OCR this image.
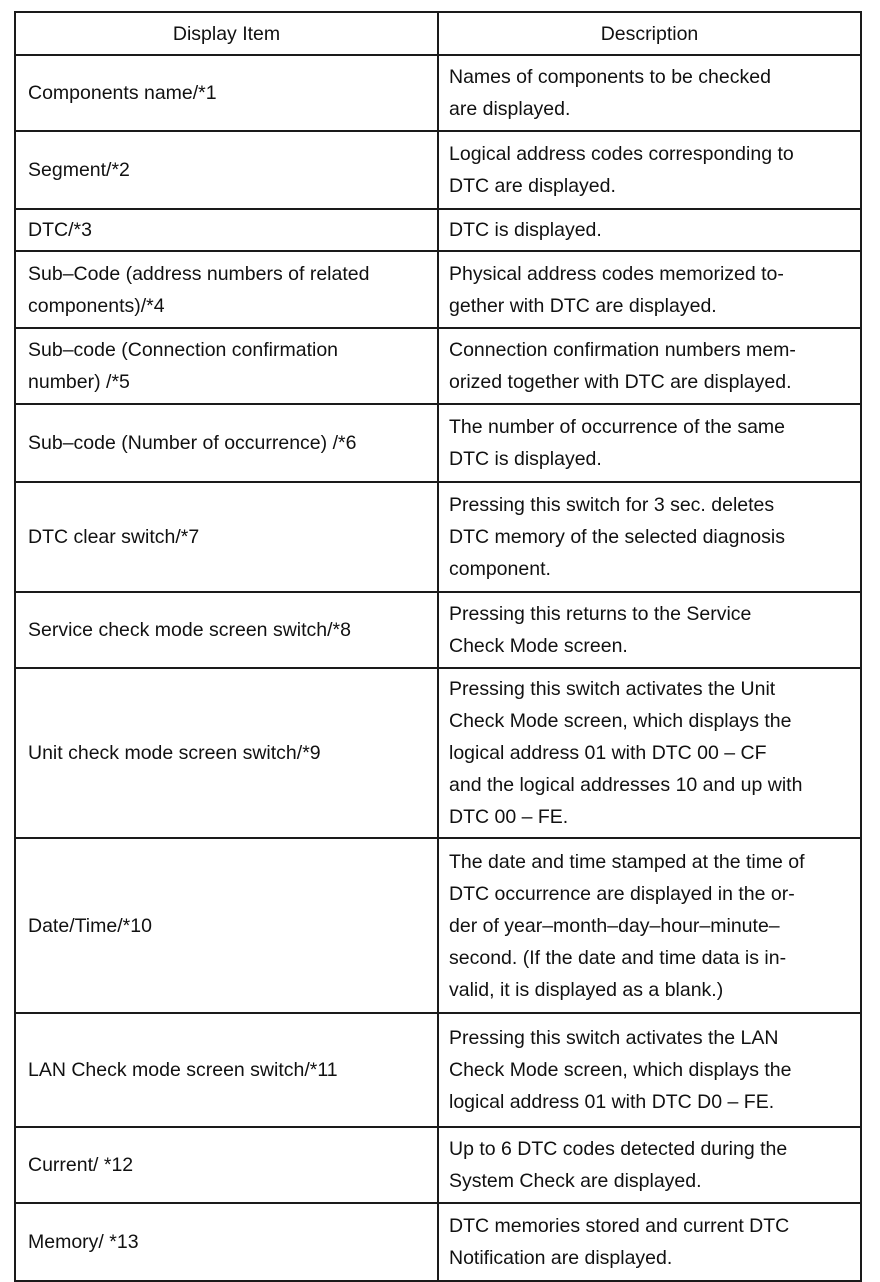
Display Item	Description

Components name/*1	Names of components to be checked
are displayed.

Segment/*2	Logical address codes corresponding to
DTC are displayed.

DTC/*3	DTC is displayed.

Sub–Code (address numbers of related
components)/*4	Physical address codes memorized to-
gether with DTC are displayed.

Sub–code (Connection confirmation
number) /*5	Connection confirmation numbers mem-
orized together with DTC are displayed.

Sub–code (Number of occurrence) /*6	The number of occurrence of the same
DTC is displayed.

DTC clear switch/*7	Pressing this switch for 3 sec. deletes
DTC memory of the selected diagnosis
component.

Service check mode screen switch/*8	Pressing this returns to the Service
Check Mode screen.

Unit check mode screen switch/*9	Pressing this switch activates the Unit
Check Mode screen, which displays the
logical address 01 with DTC 00 – CF
and the logical addresses 10 and up with
DTC 00 – FE.

Date/Time/*10	The date and time stamped at the time of
DTC occurrence are displayed in the or-
der of year–month–day–hour–minute–
second. (If the date and time data is in-
valid, it is displayed as a blank.)

LAN Check mode screen switch/*11	Pressing this switch activates the LAN
Check Mode screen, which displays the
logical address 01 with DTC D0 – FE.

Current/ *12	Up to 6 DTC codes detected during the
System Check are displayed.

Memory/ *13	DTC memories stored and current DTC
Notification are displayed.
